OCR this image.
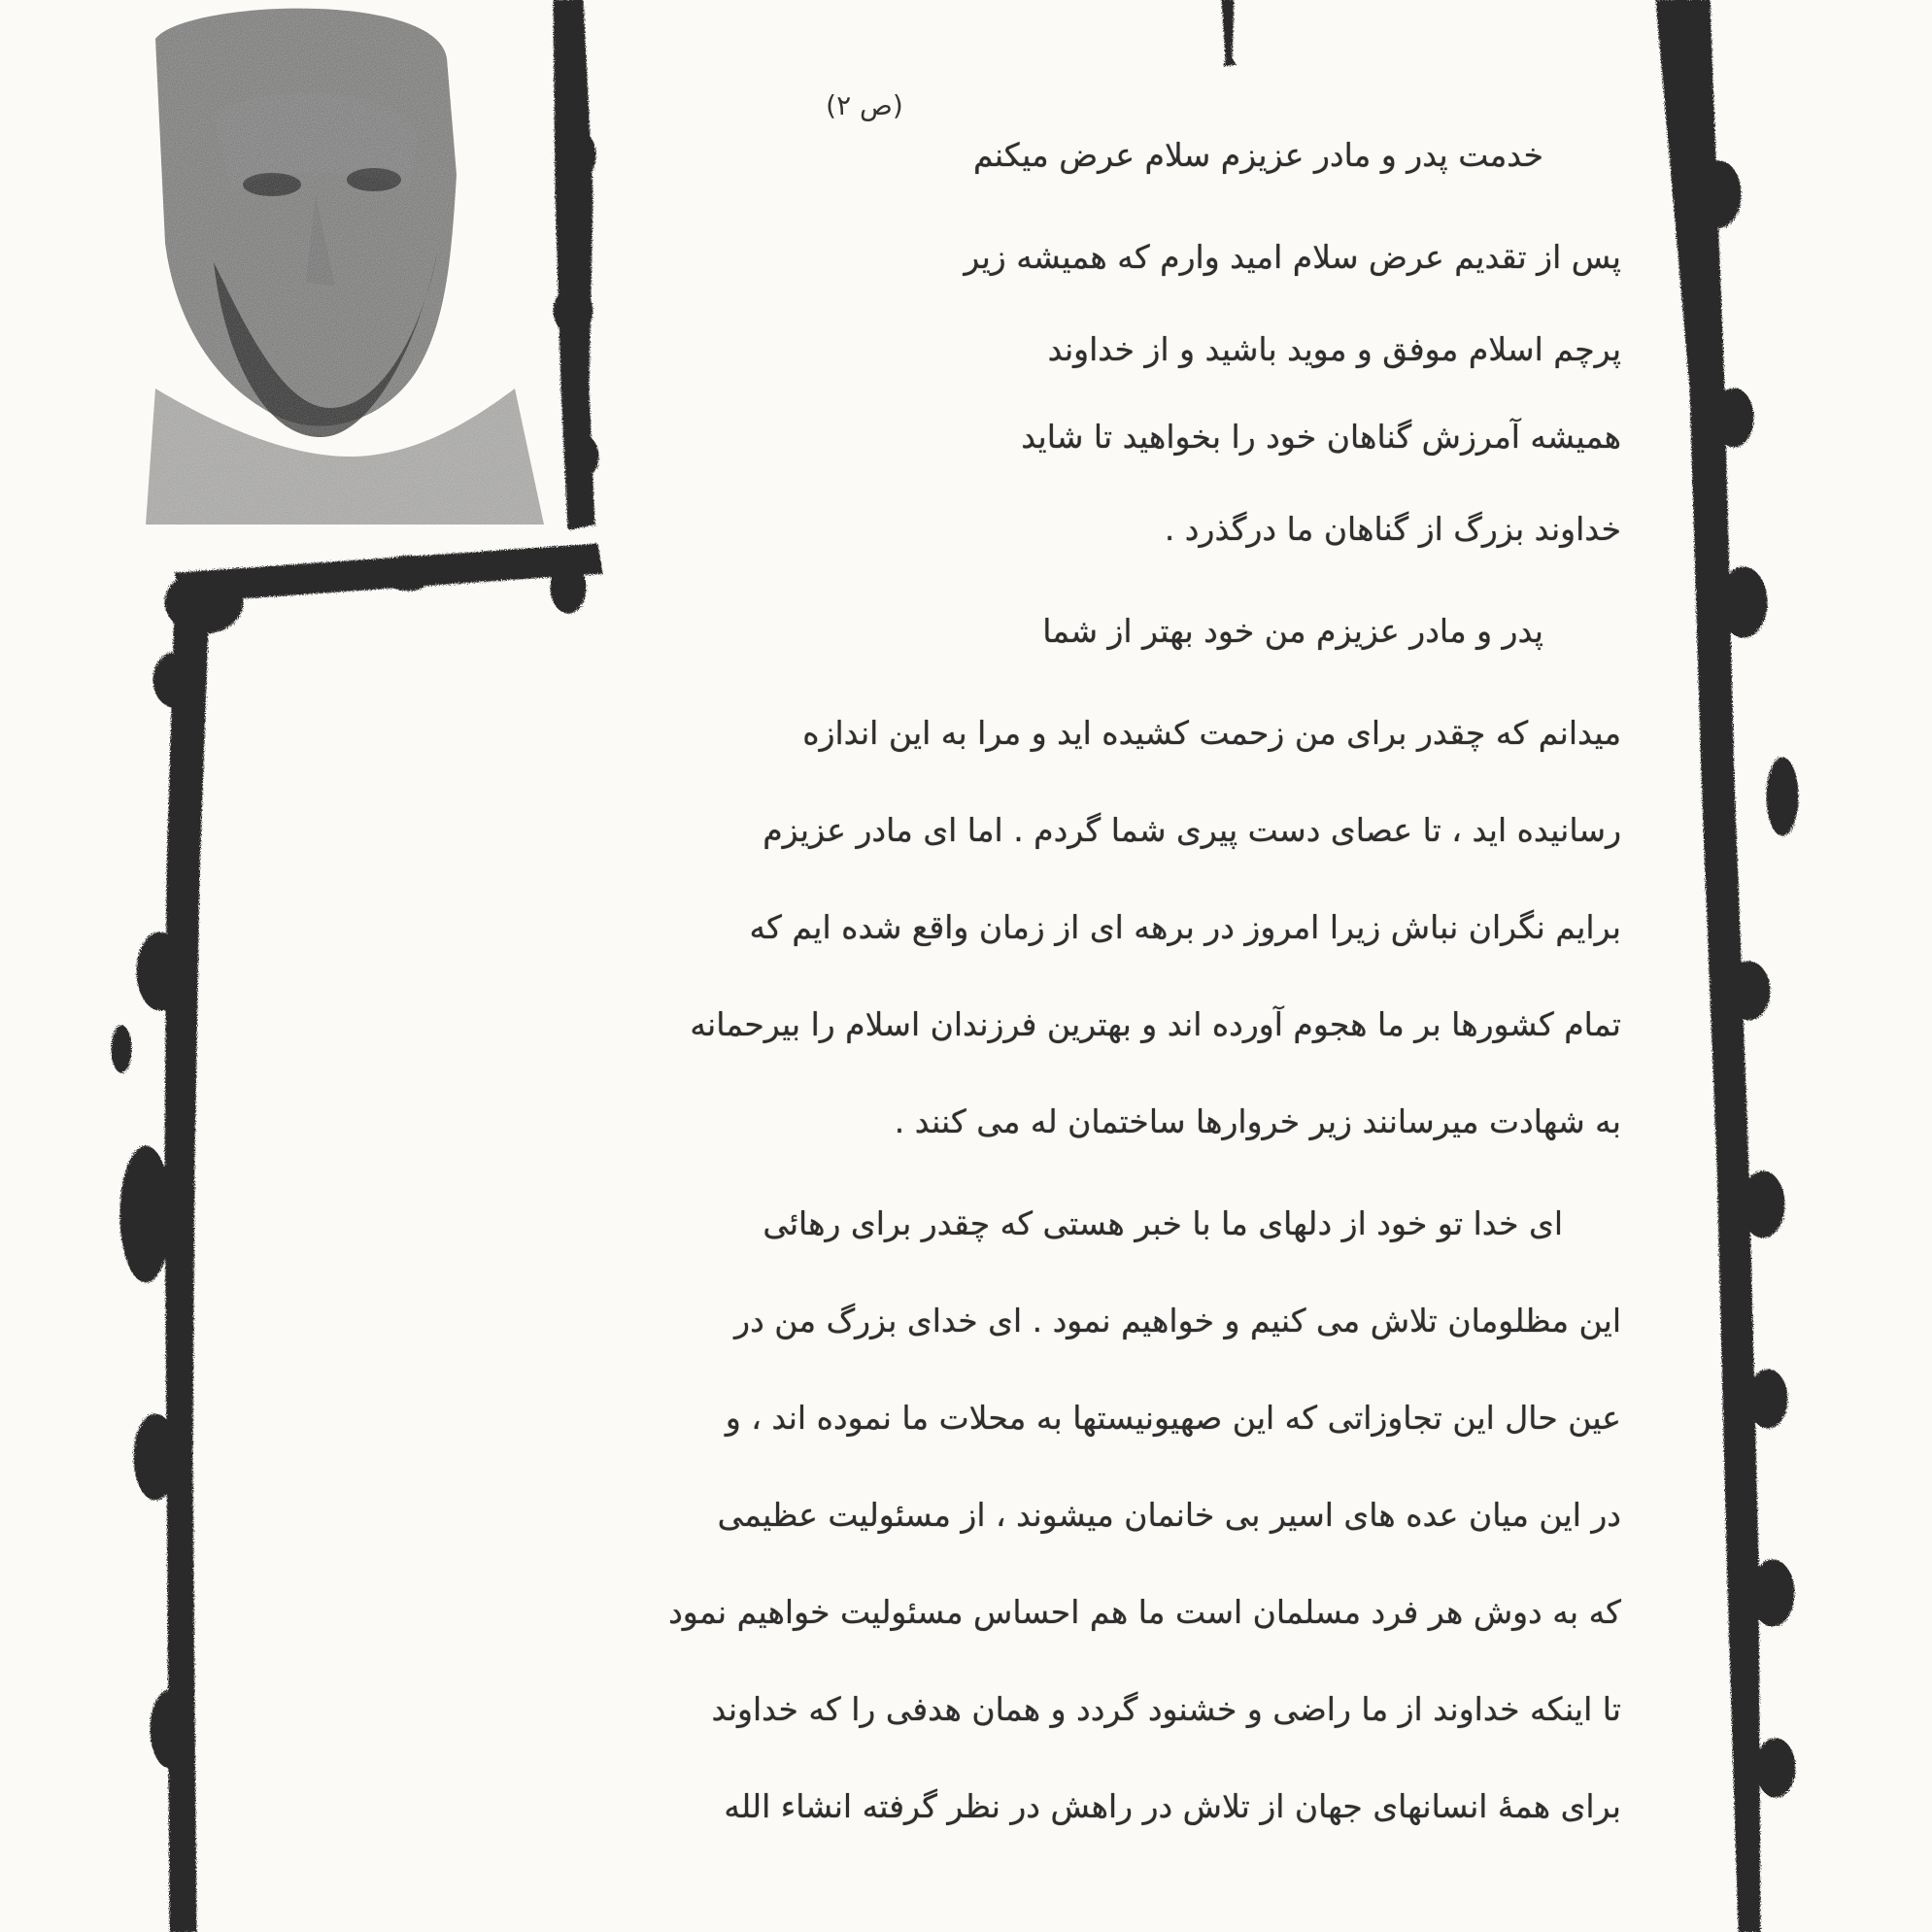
(ص ۲)
خدمت پدر و مادر عزیزم سلام عرض میکنم
پس از تقدیم عرض سلام امید وارم که همیشه زیر
پرچم اسلام موفق و موید باشید و از خداوند
همیشه آمرزش گناهان خود را بخواهید تا شاید
خداوند بزرگ از گناهان ما درگذرد .
پدر و مادر عزیزم من خود بهتر از شما
میدانم که چقدر برای من زحمت کشیده اید و مرا به این اندازه
رسانیده اید ، تا عصای دست پیری شما گردم . اما ای مادر عزیزم
برایم نگران نباش زیرا امروز در برهه ای از زمان واقع شده ایم که
تمام کشورها بر ما هجوم آورده اند و بهترین فرزندان اسلام را بیرحمانه
به شهادت میرسانند زیر خروارها ساختمان له می کنند .
ای خدا تو خود از دلهای ما با خبر هستی که چقدر برای رهائی
این مظلومان تلاش می کنیم و خواهیم نمود . ای خدای بزرگ من در
عین حال این تجاوزاتی که این صهیونیستها به محلات ما نموده اند ، و
در این میان عده های اسیر بی خانمان میشوند ، از مسئولیت عظیمی
که به دوش هر فرد مسلمان است ما هم احساس مسئولیت خواهیم نمود
تا اینکه خداوند از ما راضی و خشنود گردد و همان هدفی را که خداوند
برای همهٔ انسانهای جهان از تلاش در راهش در نظر گرفته انشاء الله
